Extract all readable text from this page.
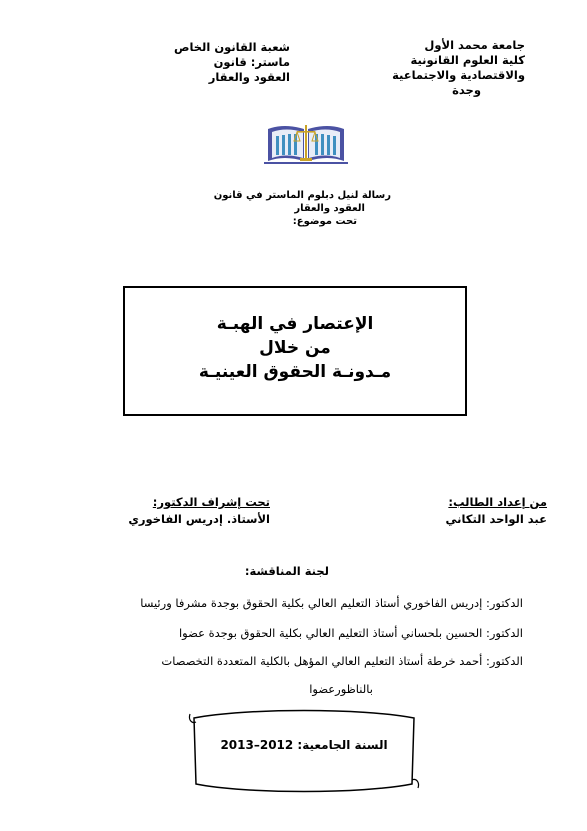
جامعة محمد الأول
كلية العلوم القانونية
والاقتصادية والاجتماعية
وجدة
شعبة القانون الخاص
ماستر: قانون
العقود والعقار
رسالة لنيل دبلوم الماستر في قانون
العقود والعقار
تحت موضوع:
الإعتصار في الهبـة
من خلال
مـدونـة الحقوق العينيـة
من إعداد الطالب:
عبد الواحد التكاني
تحت إشراف الدكتور:
الأستاذ. إدريس الفاخوري
لجنة المناقشة:
الدكتور: إدريس الفاخوري أستاذ التعليم العالي بكلية الحقوق بوجدة مشرفا ورئيسا
الدكتور: الحسين بلحساني أستاذ التعليم العالي بكلية الحقوق بوجدة عضوا
الدكتور: أحمد خرطة أستاذ التعليم العالي المؤهل بالكلية المتعددة التخصصات
بالناظورعضوا
السنة الجامعية: 2012–2013
